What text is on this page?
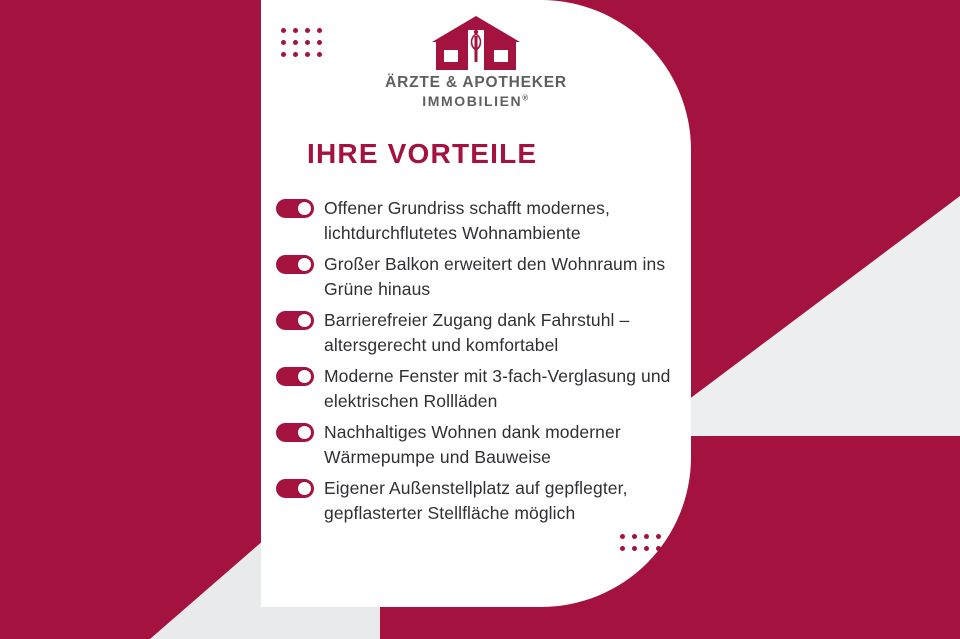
ÄRZTE & APOTHEKER
IMMOBILIEN®
IHRE VORTEILE
Offener Grundriss schafft modernes, lichtdurchflutetes Wohnambiente
Großer Balkon erweitert den Wohnraum ins Grüne hinaus
Barrierefreier Zugang dank Fahrstuhl – altersgerecht und komfortabel
Moderne Fenster mit 3-fach-Verglasung und elektrischen Rollläden
Nachhaltiges Wohnen dank moderner Wärmepumpe und Bauweise
Eigener Außenstellplatz auf gepflegter, gepflasterter Stellfläche möglich
